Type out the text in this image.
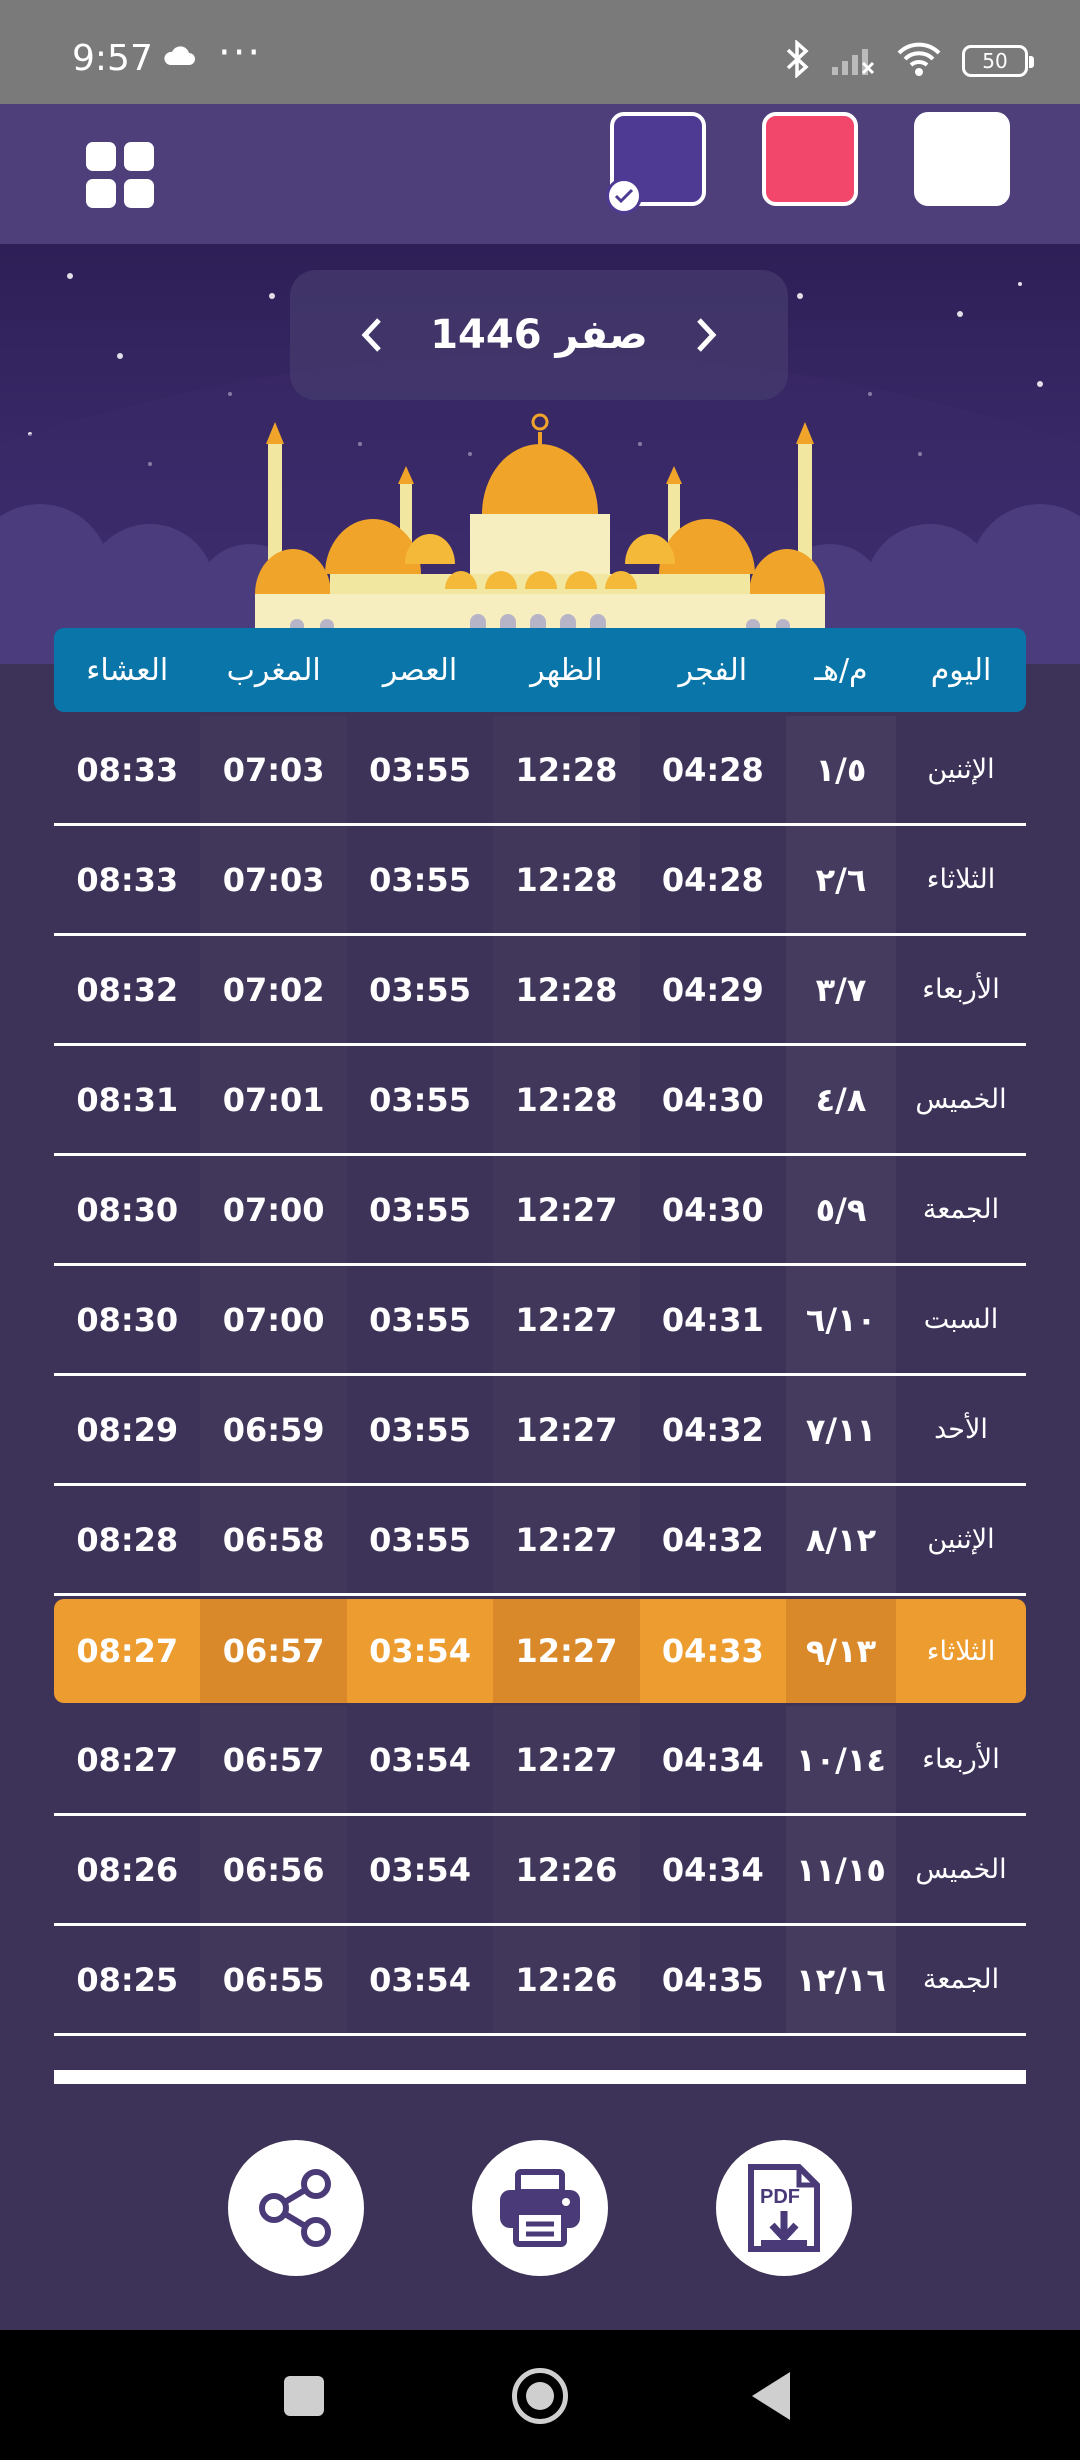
9:57 ···	50
صفر 1446
اليوم
م/هـ
الفجر
الظهر
العصر
المغرب
العشاء
الإثنين
١/٥
04:28
12:28
03:55
07:03
08:33
الثلاثاء
٢/٦
04:28
12:28
03:55
07:03
08:33
الأربعاء
٣/٧
04:29
12:28
03:55
07:02
08:32
الخميس
٤/٨
04:30
12:28
03:55
07:01
08:31
الجمعة
٥/٩
04:30
12:27
03:55
07:00
08:30
السبت
٦/١٠
04:31
12:27
03:55
07:00
08:30
الأحد
٧/١١
04:32
12:27
03:55
06:59
08:29
الإثنين
٨/١٢
04:32
12:27
03:55
06:58
08:28
الثلاثاء
٩/١٣
04:33
12:27
03:54
06:57
08:27
الأربعاء
١٠/١٤
04:34
12:27
03:54
06:57
08:27
الخميس
١١/١٥
04:34
12:26
03:54
06:56
08:26
الجمعة
١٢/١٦
04:35
12:26
03:54
06:55
08:25
PDF
